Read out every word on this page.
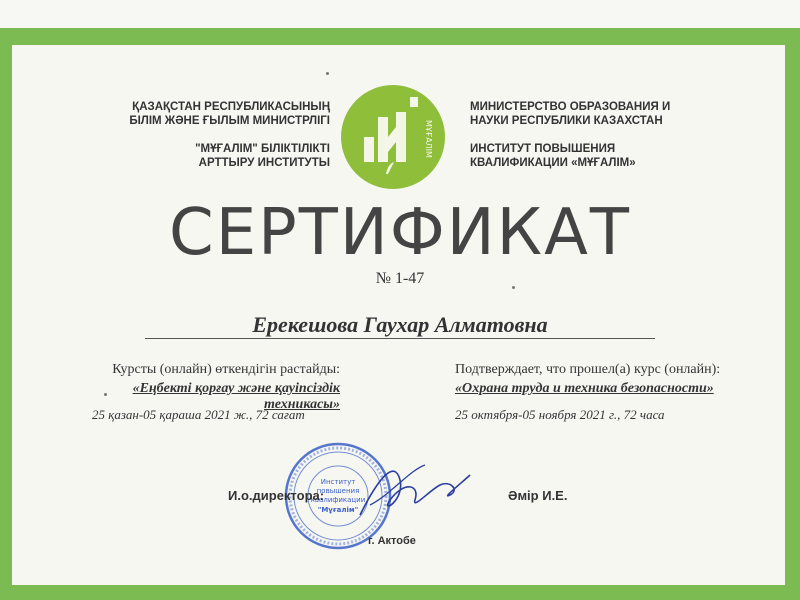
ҚАЗАҚСТАН РЕСПУБЛИКАСЫНЫҢ
БІЛІМ ЖӘНЕ ҒЫЛЫМ МИНИСТРЛІГІ
"МҰҒАЛІМ" БІЛІКТІЛІКТІ
АРТТЫРУ ИНСТИТУТЫ
МҰҒАЛІМ
МИНИСТЕРСТВО ОБРАЗОВАНИЯ И
НАУКИ РЕСПУБЛИКИ КАЗАХСТАН
ИНСТИТУТ ПОВЫШЕНИЯ
КВАЛИФИКАЦИИ «МҰҒАЛІМ»
СЕРТИФИКАТ
№ 1-47
Ерекешова Гаухар Алматовна
Курсты (онлайн) өткендігін растайды:
«Еңбекті қорғау және қауіпсіздік техникасы»
Подтверждает, что прошел(а) курс (онлайн):
«Охрана труда и техника безопасности»
25 қазан-05 қараша 2021 ж., 72 сағат	25 октября-05 ноября 2021 г., 72 часа
Институт
повышения
квалификации
"Мұғалім"
И.о.директора:	Әмір И.Е.
г. Актобе
